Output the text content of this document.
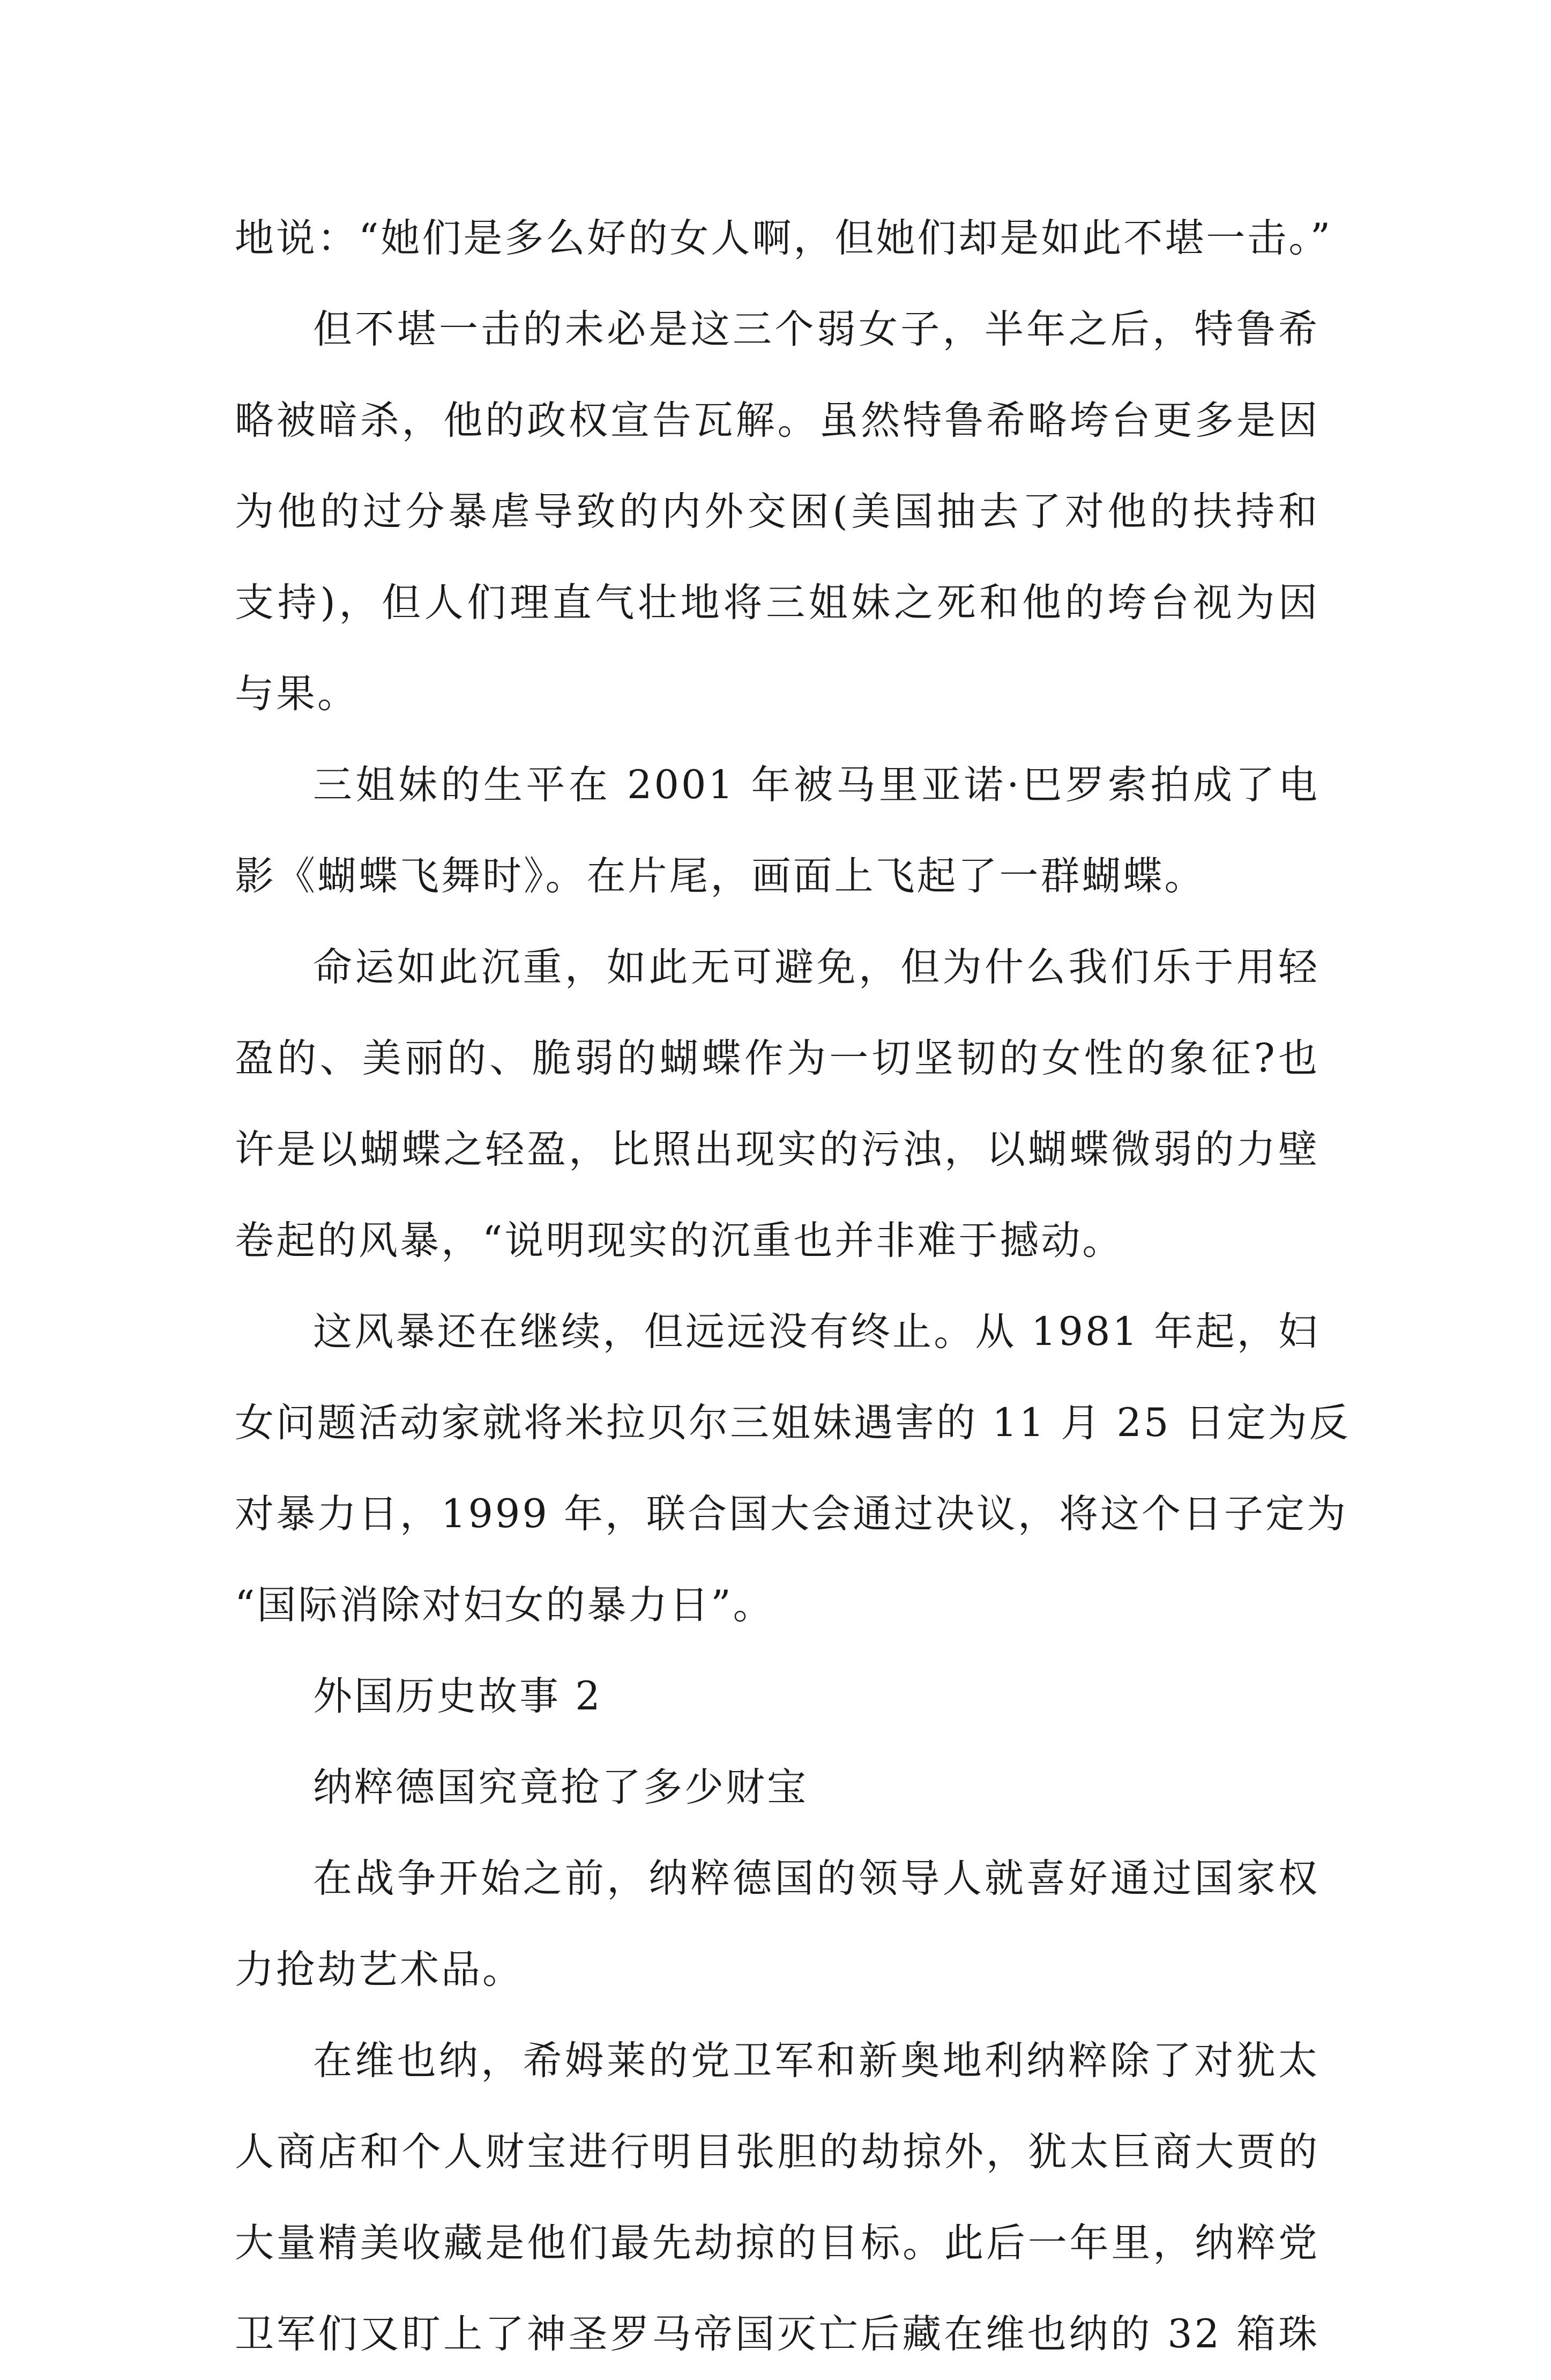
地说：“她们是多么好的女人啊，但她们却是如此不堪一击。”
但不堪一击的未必是这三个弱女子，半年之后，特鲁希
略被暗杀，他的政权宣告瓦解。虽然特鲁希略垮台更多是因
为他的过分暴虐导致的内外交困(美国抽去了对他的扶持和
支持)，但人们理直气壮地将三姐妹之死和他的垮台视为因
与果。
三姐妹的生平在 2001 年被马里亚诺·巴罗索拍成了电
影《蝴蝶飞舞时》。在片尾，画面上飞起了一群蝴蝶。
命运如此沉重，如此无可避免，但为什么我们乐于用轻
盈的、美丽的、脆弱的蝴蝶作为一切坚韧的女性的象征?也
许是以蝴蝶之轻盈，比照出现实的污浊，以蝴蝶微弱的力壁
卷起的风暴，“说明现实的沉重也并非难于撼动。
这风暴还在继续，但远远没有终止。从 1981 年起，妇
女问题活动家就将米拉贝尔三姐妹遇害的 11 月 25 日定为反
对暴力日，1999 年，联合国大会通过决议，将这个日子定为
“国际消除对妇女的暴力日”。
外国历史故事 2
纳粹德国究竟抢了多少财宝
在战争开始之前，纳粹德国的领导人就喜好通过国家权
力抢劫艺术品。
在维也纳，希姆莱的党卫军和新奥地利纳粹除了对犹太
人商店和个人财宝进行明目张胆的劫掠外，犹太巨商大贾的
大量精美收藏是他们最先劫掠的目标。此后一年里，纳粹党
卫军们又盯上了神圣罗马帝国灭亡后藏在维也纳的 32 箱珠
